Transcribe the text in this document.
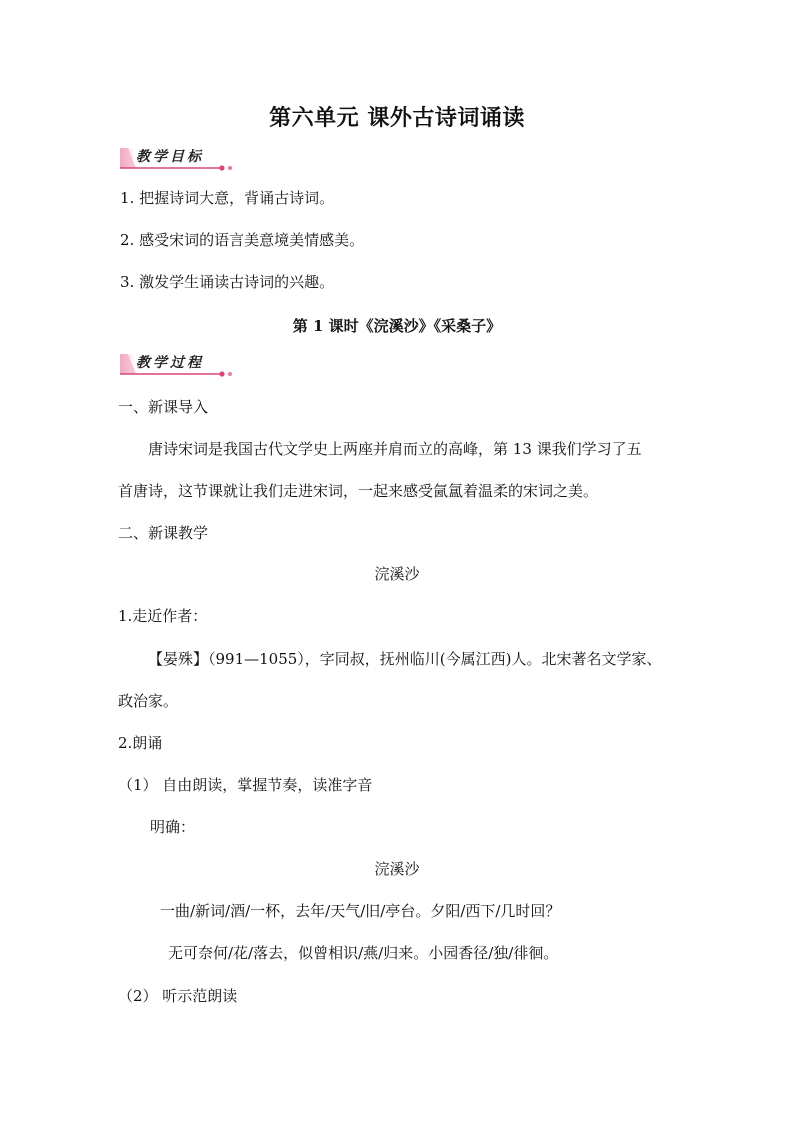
第六单元 课外古诗词诵读
教学目标
1. 把握诗词大意，背诵古诗词。
2. 感受宋词的语言美意境美情感美。
3. 激发学生诵读古诗词的兴趣。
第 1 课时《浣溪沙》《采桑子》
教学过程
一、新课导入
唐诗宋词是我国古代文学史上两座并肩而立的高峰，第 13 课我们学习了五
首唐诗，这节课就让我们走进宋词，一起来感受氤氲着温柔的宋词之美。
二、新课教学
浣溪沙
1.走近作者：
【晏殊】（991—1055），字同叔，抚州临川(今属江西)人。北宋著名文学家、
政治家。
2.朗诵
（1） 自由朗读，掌握节奏，读准字音
明确：
浣溪沙
一曲/新词/酒/一杯，去年/天气/旧/亭台。夕阳/西下/几时回？
无可奈何/花/落去，似曾相识/燕/归来。小园香径/独/徘徊。
（2） 听示范朗读
